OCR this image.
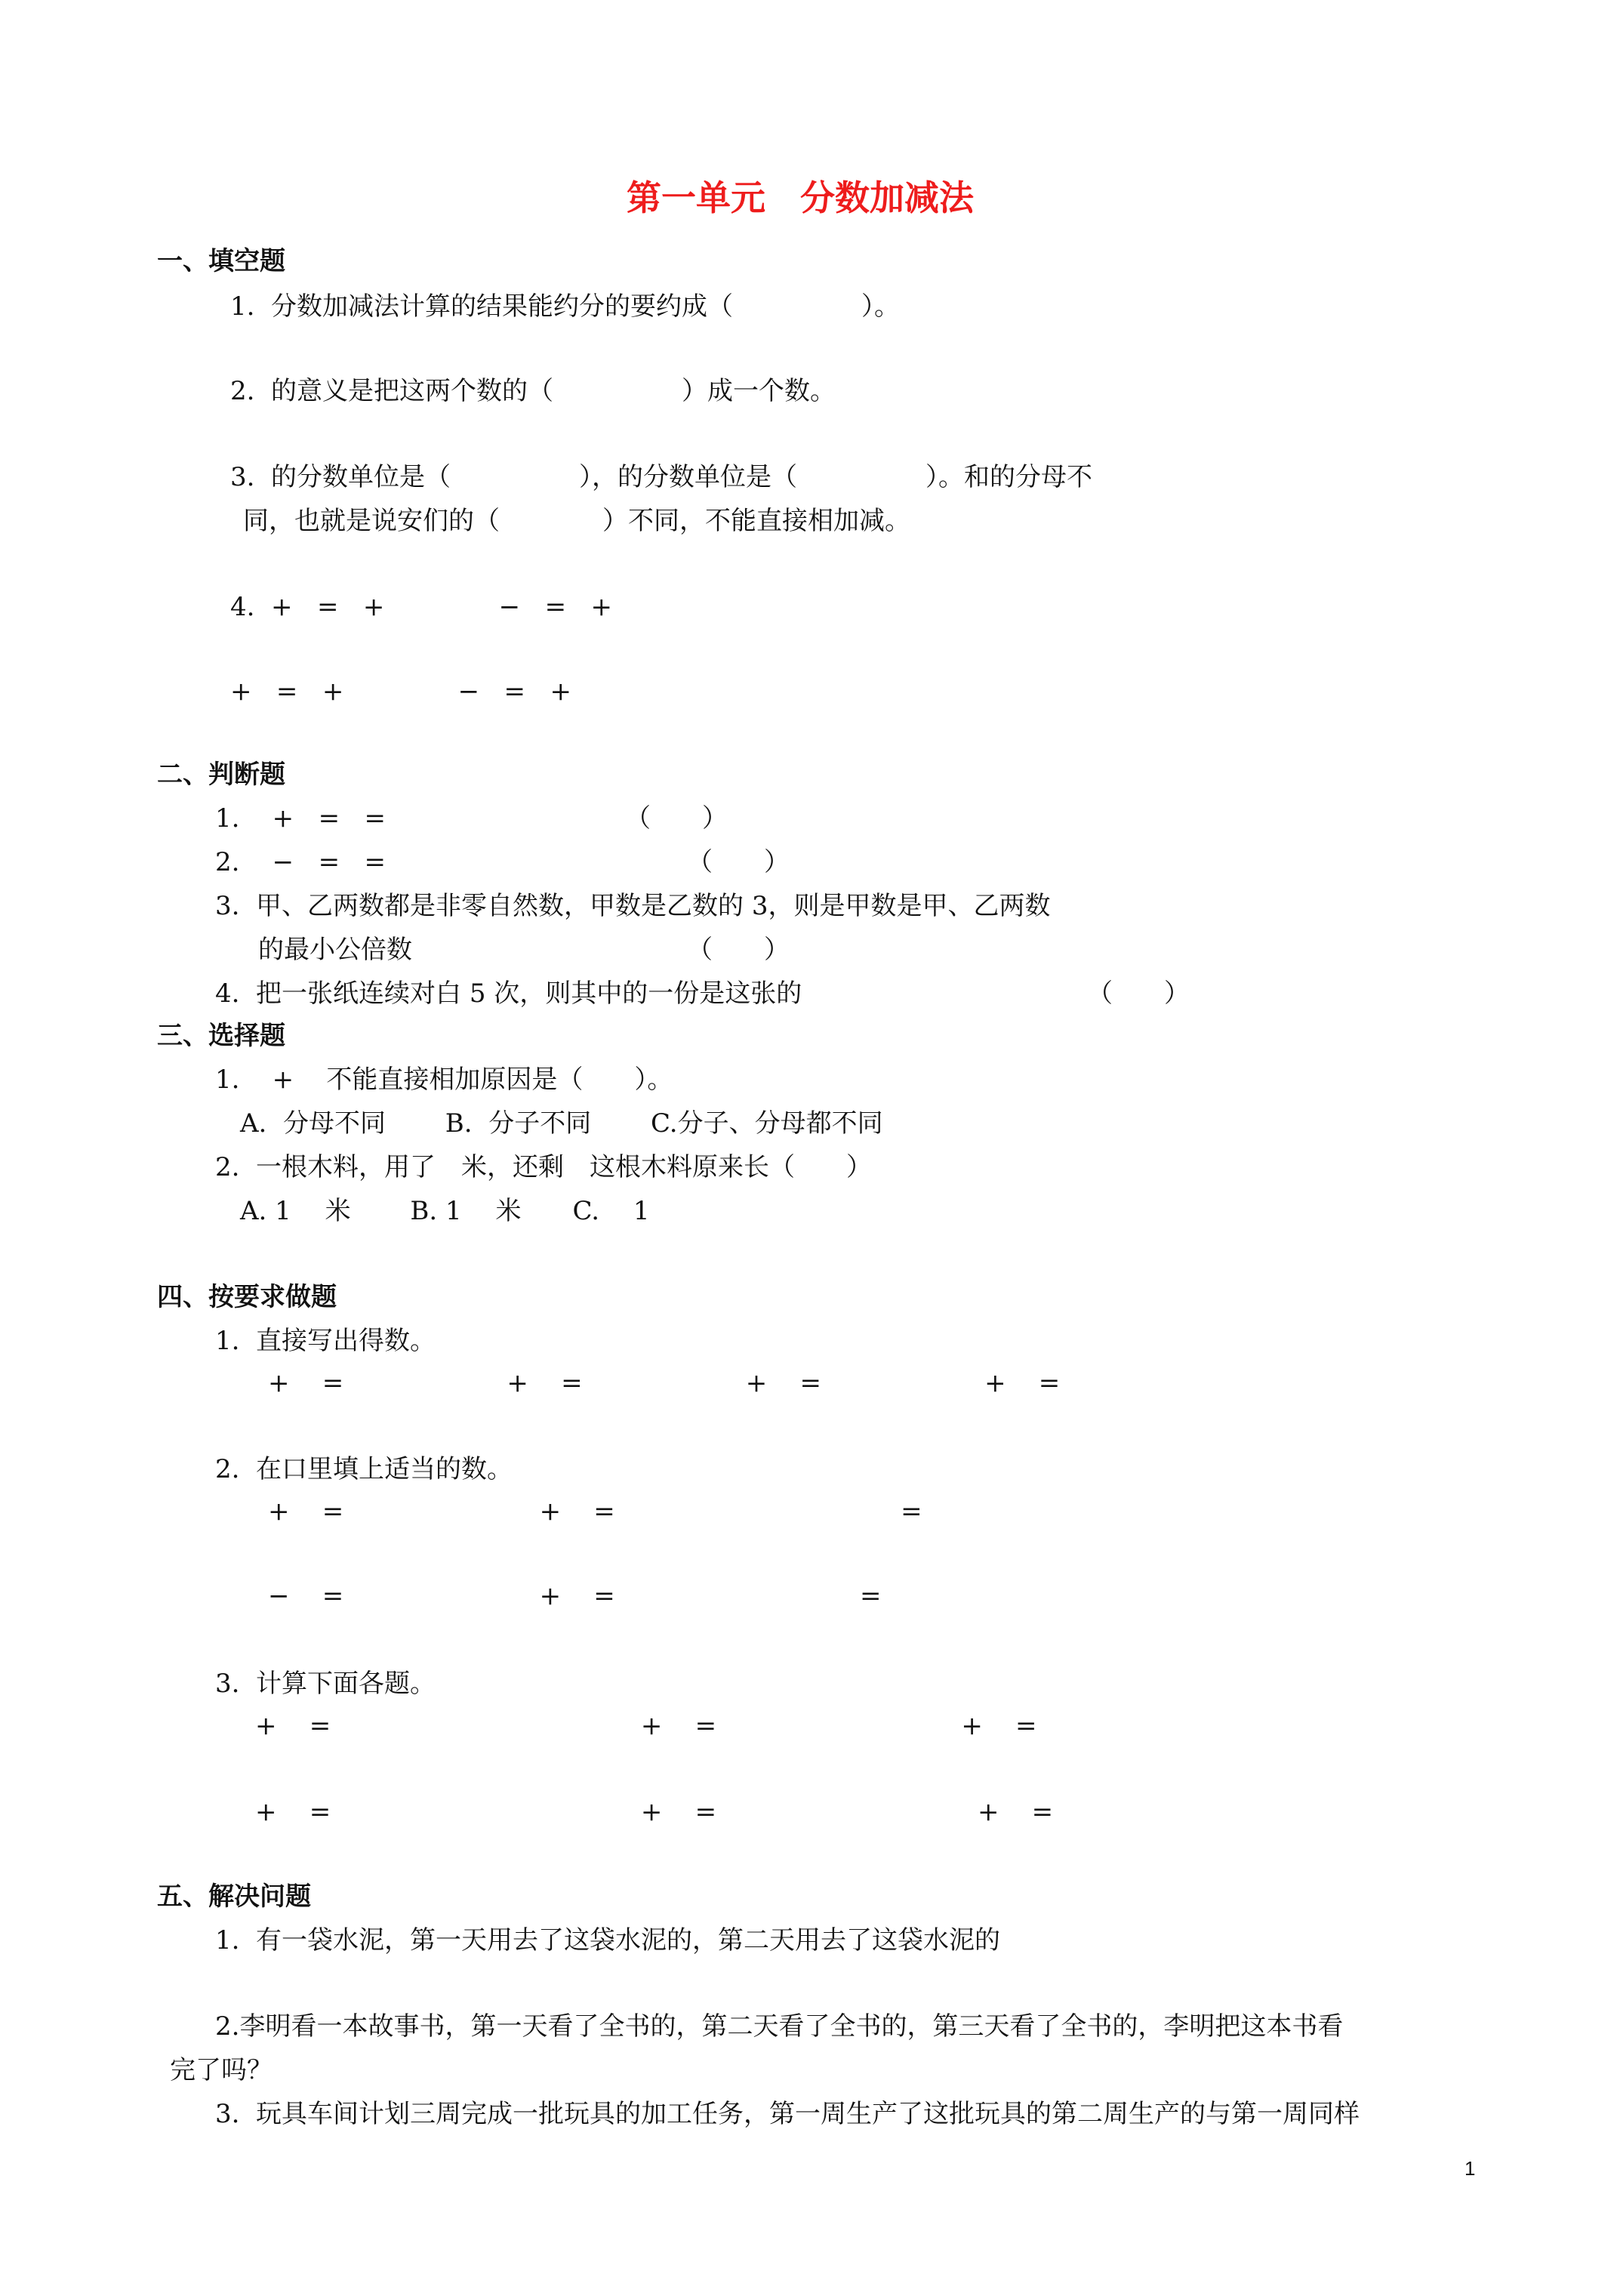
第一单元　分数加减法
一、填空题
1.  分数加减法计算的结果能约分的要约成（　　　　　）。
2.  的意义是把这两个数的（　　　　　）成一个数。
3.  的分数单位是（　　　　　），的分数单位是（　　　　　）。和的分母不
同，也就是说安们的（　　　　）不同，不能直接相加减。
4.  +   =   +              −   =   +
+   =   +              −   =   +
二、判断题
1.    +   =   =	（　　）
2.    −   =   =	（　　）
3.  甲、乙两数都是非零自然数，甲数是乙数的 3，则是甲数是甲、乙两数
的最小公倍数	（　　）
4.  把一张纸连续对白 5 次，则其中的一份是这张的	（　　）
三、选择题
1.    +    不能直接相加原因是（　　）。
A.  分母不同　　 B.  分子不同　　 C.分子、分母都不同
2.  一根木料，用了　米，还剩　这根木料原来长（　　）
A. 1　 米　　 B. 1　 米　　C.　 1
四、按要求做题
1.  直接写出得数。
+    =                    +    =                    +    =                    +    =
2.  在口里填上适当的数。
+    =                        +    =                                   =
−    =                        +    =                              =
3.  计算下面各题。
+    =                                      +    =                              +    =
+    =                                      +    =                                +    =
五、解决问题
1.  有一袋水泥，第一天用去了这袋水泥的，第二天用去了这袋水泥的
2.李明看一本故事书，第一天看了全书的，第二天看了全书的，第三天看了全书的，李明把这本书看
完了吗？
3.  玩具车间计划三周完成一批玩具的加工任务，第一周生产了这批玩具的第二周生产的与第一周同样
1
